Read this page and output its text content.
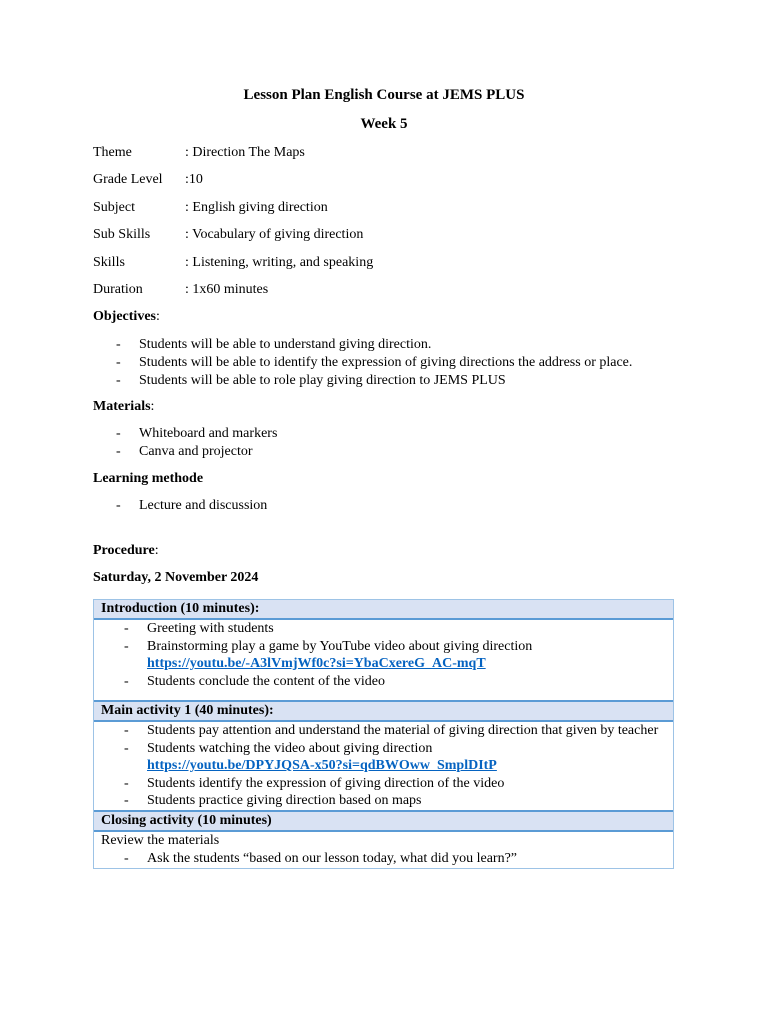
Lesson Plan English Course at JEMS PLUS
Week 5
Theme	: Direction The Maps
Grade Level :10
Subject	: English giving direction
Sub Skills : Vocabulary of giving direction
Skills	: Listening, writing, and speaking
Duration	: 1x60 minutes
Objectives:
- Students will be able to understand giving direction.
- Students will be able to identify the expression of giving directions the address or place.
- Students will be able to role play giving direction to JEMS PLUS
Materials:
- Whiteboard and markers
- Canva and projector
Learning methode
- Lecture and discussion
Procedure:
Saturday, 2 November 2024
Introduction (10 minutes):
-	Greeting with students
-	Brainstorming play a game by YouTube video about giving direction
https://youtu.be/-A3lVmjWf0c?si=YbaCxereG_AC-mqT
-	Students conclude the content of the video
Main activity 1 (40 minutes):
-	Students pay attention and understand the material of giving direction that given by teacher
-	Students watching the video about giving direction
https://youtu.be/DPYJQSA-x50?si=qdBWOww_SmplDItP
-	Students identify the expression of giving direction of the video
-	Students practice giving direction based on maps
Closing activity (10 minutes)
Review the materials
-	Ask the students “based on our lesson today, what did you learn?”
